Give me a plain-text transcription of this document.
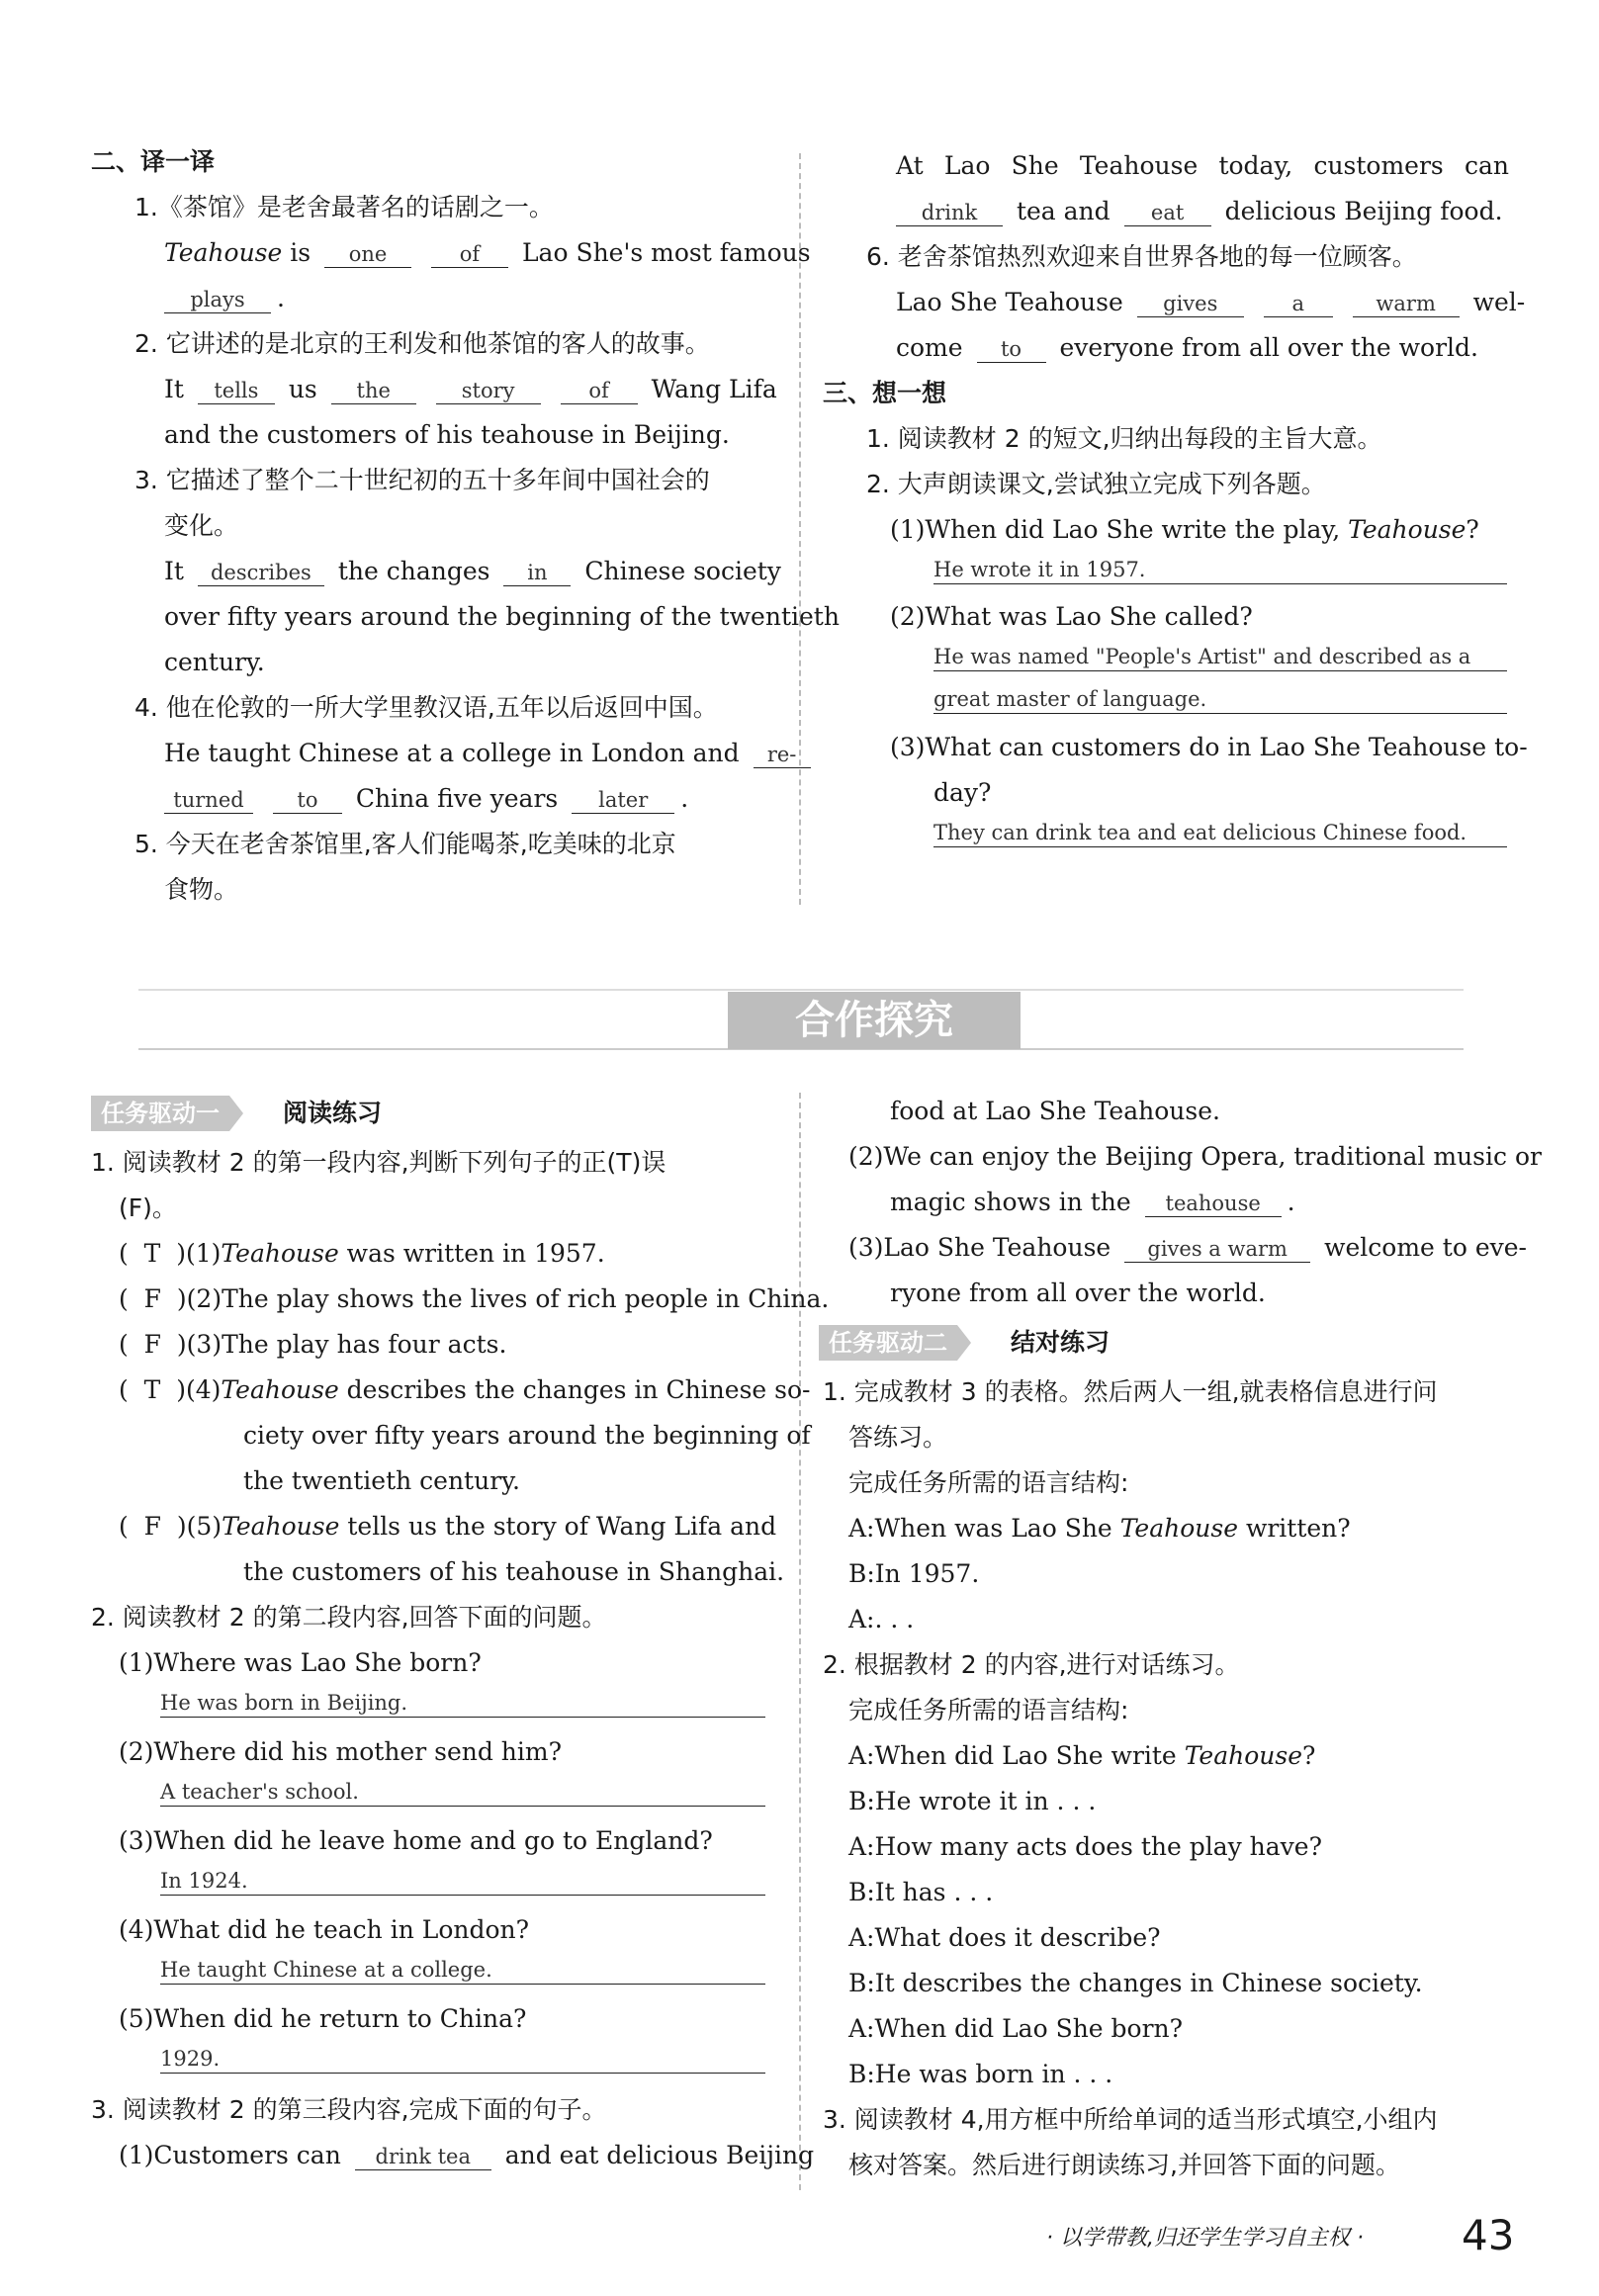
二、译一译
1.《茶馆》是老舍最著名的话剧之一。
Teahouse is one	of Lao She's most famous
plays .
2. 它讲述的是北京的王利发和他茶馆的客人的故事。
It tells us the	story	of Wang Lifa
and the customers of his teahouse in Beijing.
3. 它描述了整个二十世纪初的五十多年间中国社会的
变化。
It describes the changes in Chinese society
over fifty years around the beginning of the twentieth
century.
4. 他在伦敦的一所大学里教汉语,五年以后返回中国。
He taught Chinese at a college in London and re-
turned	to China five years later .
5. 今天在老舍茶馆里,客人们能喝茶,吃美味的北京
食物。
At Lao She Teahouse today, customers can
drink tea and eat delicious Beijing food.
6. 老舍茶馆热烈欢迎来自世界各地的每一位顾客。
Lao She Teahouse gives	a	warm wel-
come to everyone from all over the world.
三、想一想
1. 阅读教材 2 的短文,归纳出每段的主旨大意。
2. 大声朗读课文,尝试独立完成下列各题。
(1)When did Lao She write the play, Teahouse?
He wrote it in 1957.
(2)What was Lao She called?
He was named "People's Artist" and described as a
great master of language.
(3)What can customers do in Lao She Teahouse to-
day?
They can drink tea and eat delicious Chinese food.
合作探究
任务驱动一	阅读练习
1. 阅读教材 2 的第一段内容,判断下列句子的正(T)误
(F)。
(  T )(1)Teahouse was written in 1957.
(  F )(2)The play shows the lives of rich people in China.
(  F )(3)The play has four acts.
(  T )(4)Teahouse describes the changes in Chinese so-
ciety over fifty years around the beginning of
the twentieth century.
(  F )(5)Teahouse tells us the story of Wang Lifa and
the customers of his teahouse in Shanghai.
2. 阅读教材 2 的第二段内容,回答下面的问题。
(1)Where was Lao She born?
He was born in Beijing.
(2)Where did his mother send him?
A teacher's school.
(3)When did he leave home and go to England?
In 1924.
(4)What did he teach in London?
He taught Chinese at a college.
(5)When did he return to China?
1929.
3. 阅读教材 2 的第三段内容,完成下面的句子。
(1)Customers can drink tea and eat delicious Beijing
food at Lao She Teahouse.
(2)We can enjoy the Beijing Opera, traditional music or
magic shows in the teahouse .
(3)Lao She Teahouse gives a warm welcome to eve-
ryone from all over the world.
任务驱动二	结对练习
1. 完成教材 3 的表格。然后两人一组,就表格信息进行问
答练习。
完成任务所需的语言结构:
A:When was Lao She Teahouse written?
B:In 1957.
A:. . .
2. 根据教材 2 的内容,进行对话练习。
完成任务所需的语言结构:
A:When did Lao She write Teahouse?
B:He wrote it in . . .
A:How many acts does the play have?
B:It has . . .
A:What does it describe?
B:It describes the changes in Chinese society.
A:When did Lao She born?
B:He was born in . . .
3. 阅读教材 4,用方框中所给单词的适当形式填空,小组内
核对答案。然后进行朗读练习,并回答下面的问题。
· 以学带教,归还学生学习自主权 · 43
